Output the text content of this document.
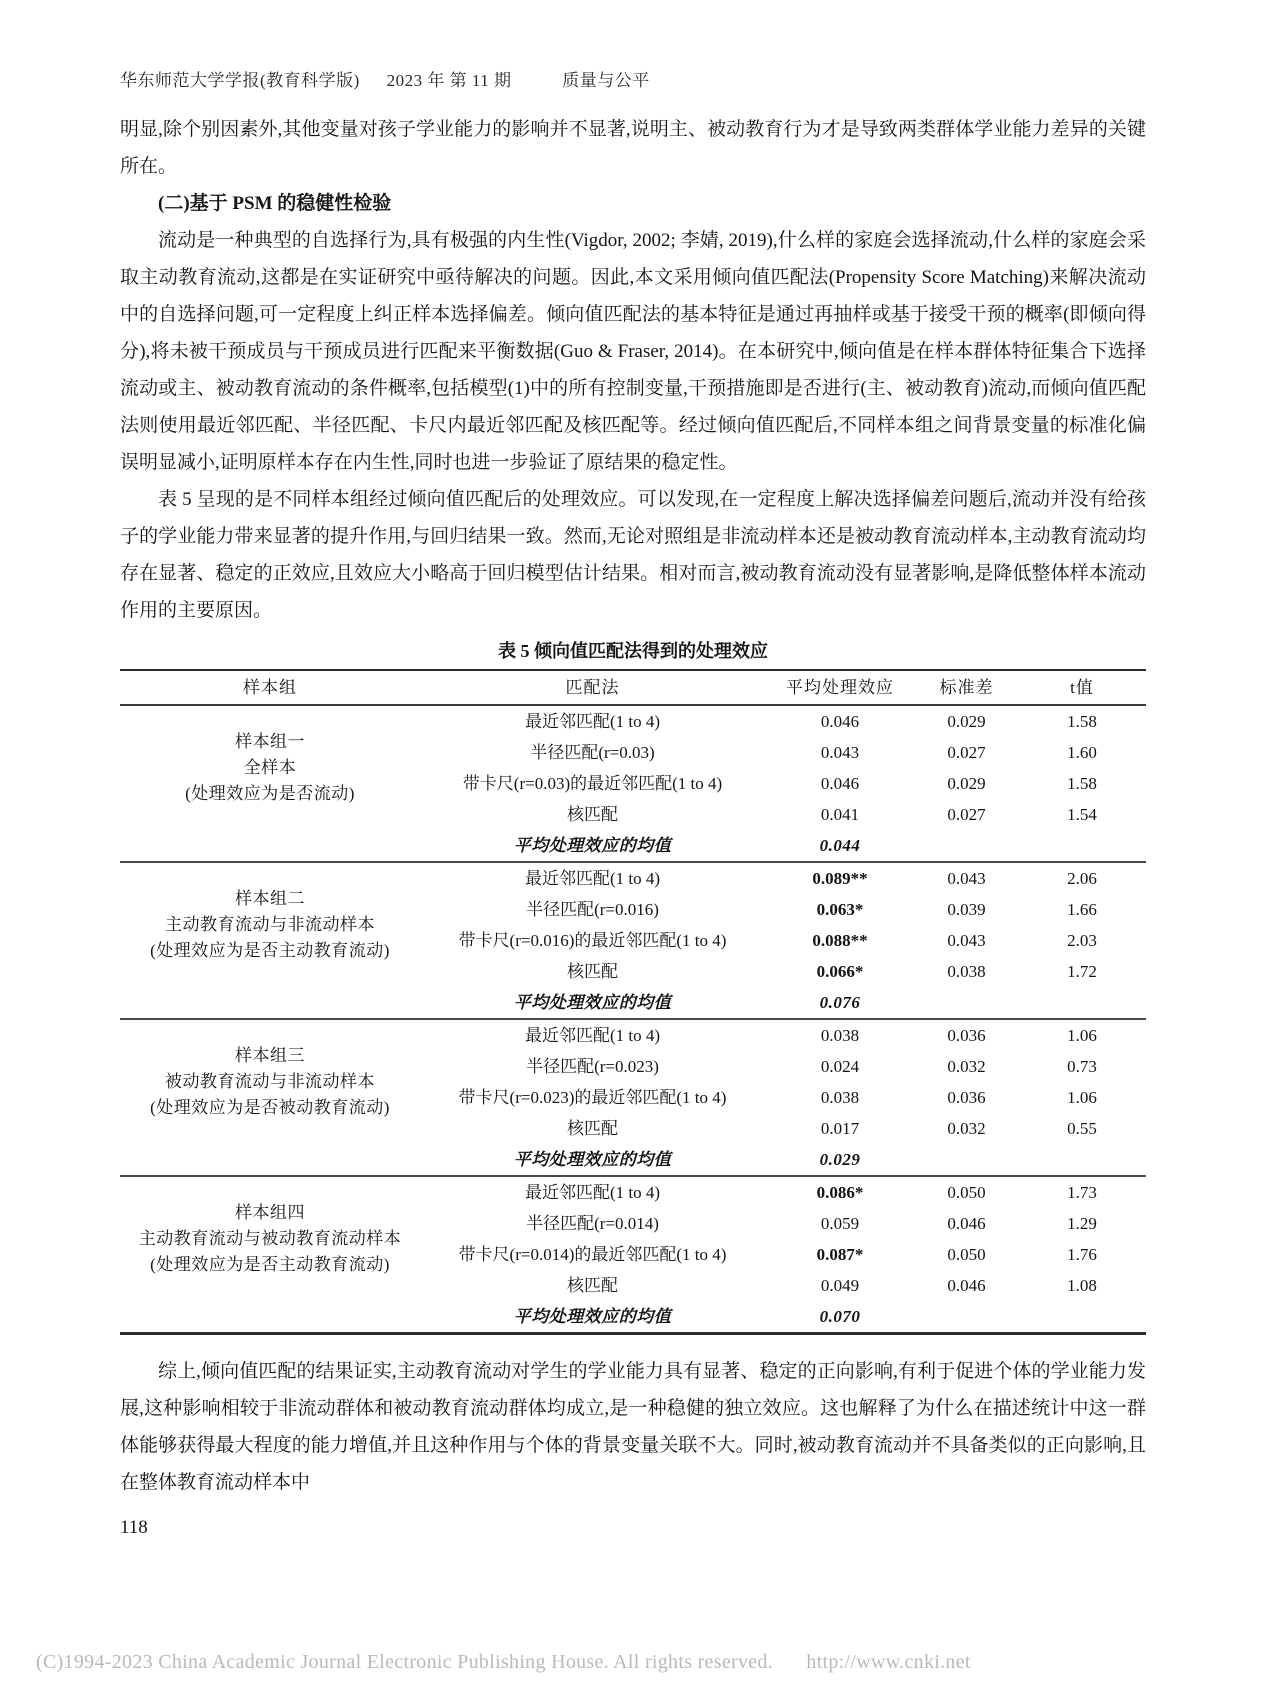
华东师范大学学报(教育科学版) 2023 年 第 11 期	质量与公平

明显,除个别因素外,其他变量对孩子学业能力的影响并不显著,说明主、被动教育行为才是导致两类群体学业能力差异的关键所在。

(二)基于 PSM 的稳健性检验

流动是一种典型的自选择行为,具有极强的内生性(Vigdor, 2002; 李婧, 2019),什么样的家庭会选择流动,什么样的家庭会采取主动教育流动,这都是在实证研究中亟待解决的问题。因此,本文采用倾向值匹配法(Propensity Score Matching)来解决流动中的自选择问题,可一定程度上纠正样本选择偏差。倾向值匹配法的基本特征是通过再抽样或基于接受干预的概率(即倾向得分),将未被干预成员与干预成员进行匹配来平衡数据(Guo & Fraser, 2014)。在本研究中,倾向值是在样本群体特征集合下选择流动或主、被动教育流动的条件概率,包括模型(1)中的所有控制变量,干预措施即是否进行(主、被动教育)流动,而倾向值匹配法则使用最近邻匹配、半径匹配、卡尺内最近邻匹配及核匹配等。经过倾向值匹配后,不同样本组之间背景变量的标准化偏误明显减小,证明原样本存在内生性,同时也进一步验证了原结果的稳定性。

表 5 呈现的是不同样本组经过倾向值匹配后的处理效应。可以发现,在一定程度上解决选择偏差问题后,流动并没有给孩子的学业能力带来显著的提升作用,与回归结果一致。然而,无论对照组是非流动样本还是被动教育流动样本,主动教育流动均存在显著、稳定的正效应,且效应大小略高于回归模型估计结果。相对而言,被动教育流动没有显著影响,是降低整体样本流动作用的主要原因。

表 5 倾向值匹配法得到的处理效应
样本组	匹配法	平均处理效应	标准差	t值

样本组一
全样本
(处理效应为是否流动)	最近邻匹配(1 to 4)	0.046	0.029	1.58
	半径匹配(r=0.03)	0.043	0.027	1.60
	带卡尺(r=0.03)的最近邻匹配(1 to 4)	0.046	0.029	1.58
	核匹配	0.041	0.027	1.54
	平均处理效应的均值	0.044		

样本组二
主动教育流动与非流动样本
(处理效应为是否主动教育流动)	最近邻匹配(1 to 4)	0.089**	0.043	2.06
	半径匹配(r=0.016)	0.063*	0.039	1.66
	带卡尺(r=0.016)的最近邻匹配(1 to 4)	0.088**	0.043	2.03
	核匹配	0.066*	0.038	1.72
	平均处理效应的均值	0.076		

样本组三
被动教育流动与非流动样本
(处理效应为是否被动教育流动)	最近邻匹配(1 to 4)	0.038	0.036	1.06
	半径匹配(r=0.023)	0.024	0.032	0.73
	带卡尺(r=0.023)的最近邻匹配(1 to 4)	0.038	0.036	1.06
	核匹配	0.017	0.032	0.55
	平均处理效应的均值	0.029		

样本组四
主动教育流动与被动教育流动样本
(处理效应为是否主动教育流动)	最近邻匹配(1 to 4)	0.086*	0.050	1.73
	半径匹配(r=0.014)	0.059	0.046	1.29
	带卡尺(r=0.014)的最近邻匹配(1 to 4)	0.087*	0.050	1.76
	核匹配	0.049	0.046	1.08
	平均处理效应的均值	0.070		

综上,倾向值匹配的结果证实,主动教育流动对学生的学业能力具有显著、稳定的正向影响,有利于促进个体的学业能力发展,这种影响相较于非流动群体和被动教育流动群体均成立,是一种稳健的独立效应。这也解释了为什么在描述统计中这一群体能够获得最大程度的能力增值,并且这种作用与个体的背景变量关联不大。同时,被动教育流动并不具备类似的正向影响,且在整体教育流动样本中

118
(C)1994-2023 China Academic Journal Electronic Publishing House. All rights reserved. http://www.cnki.net
